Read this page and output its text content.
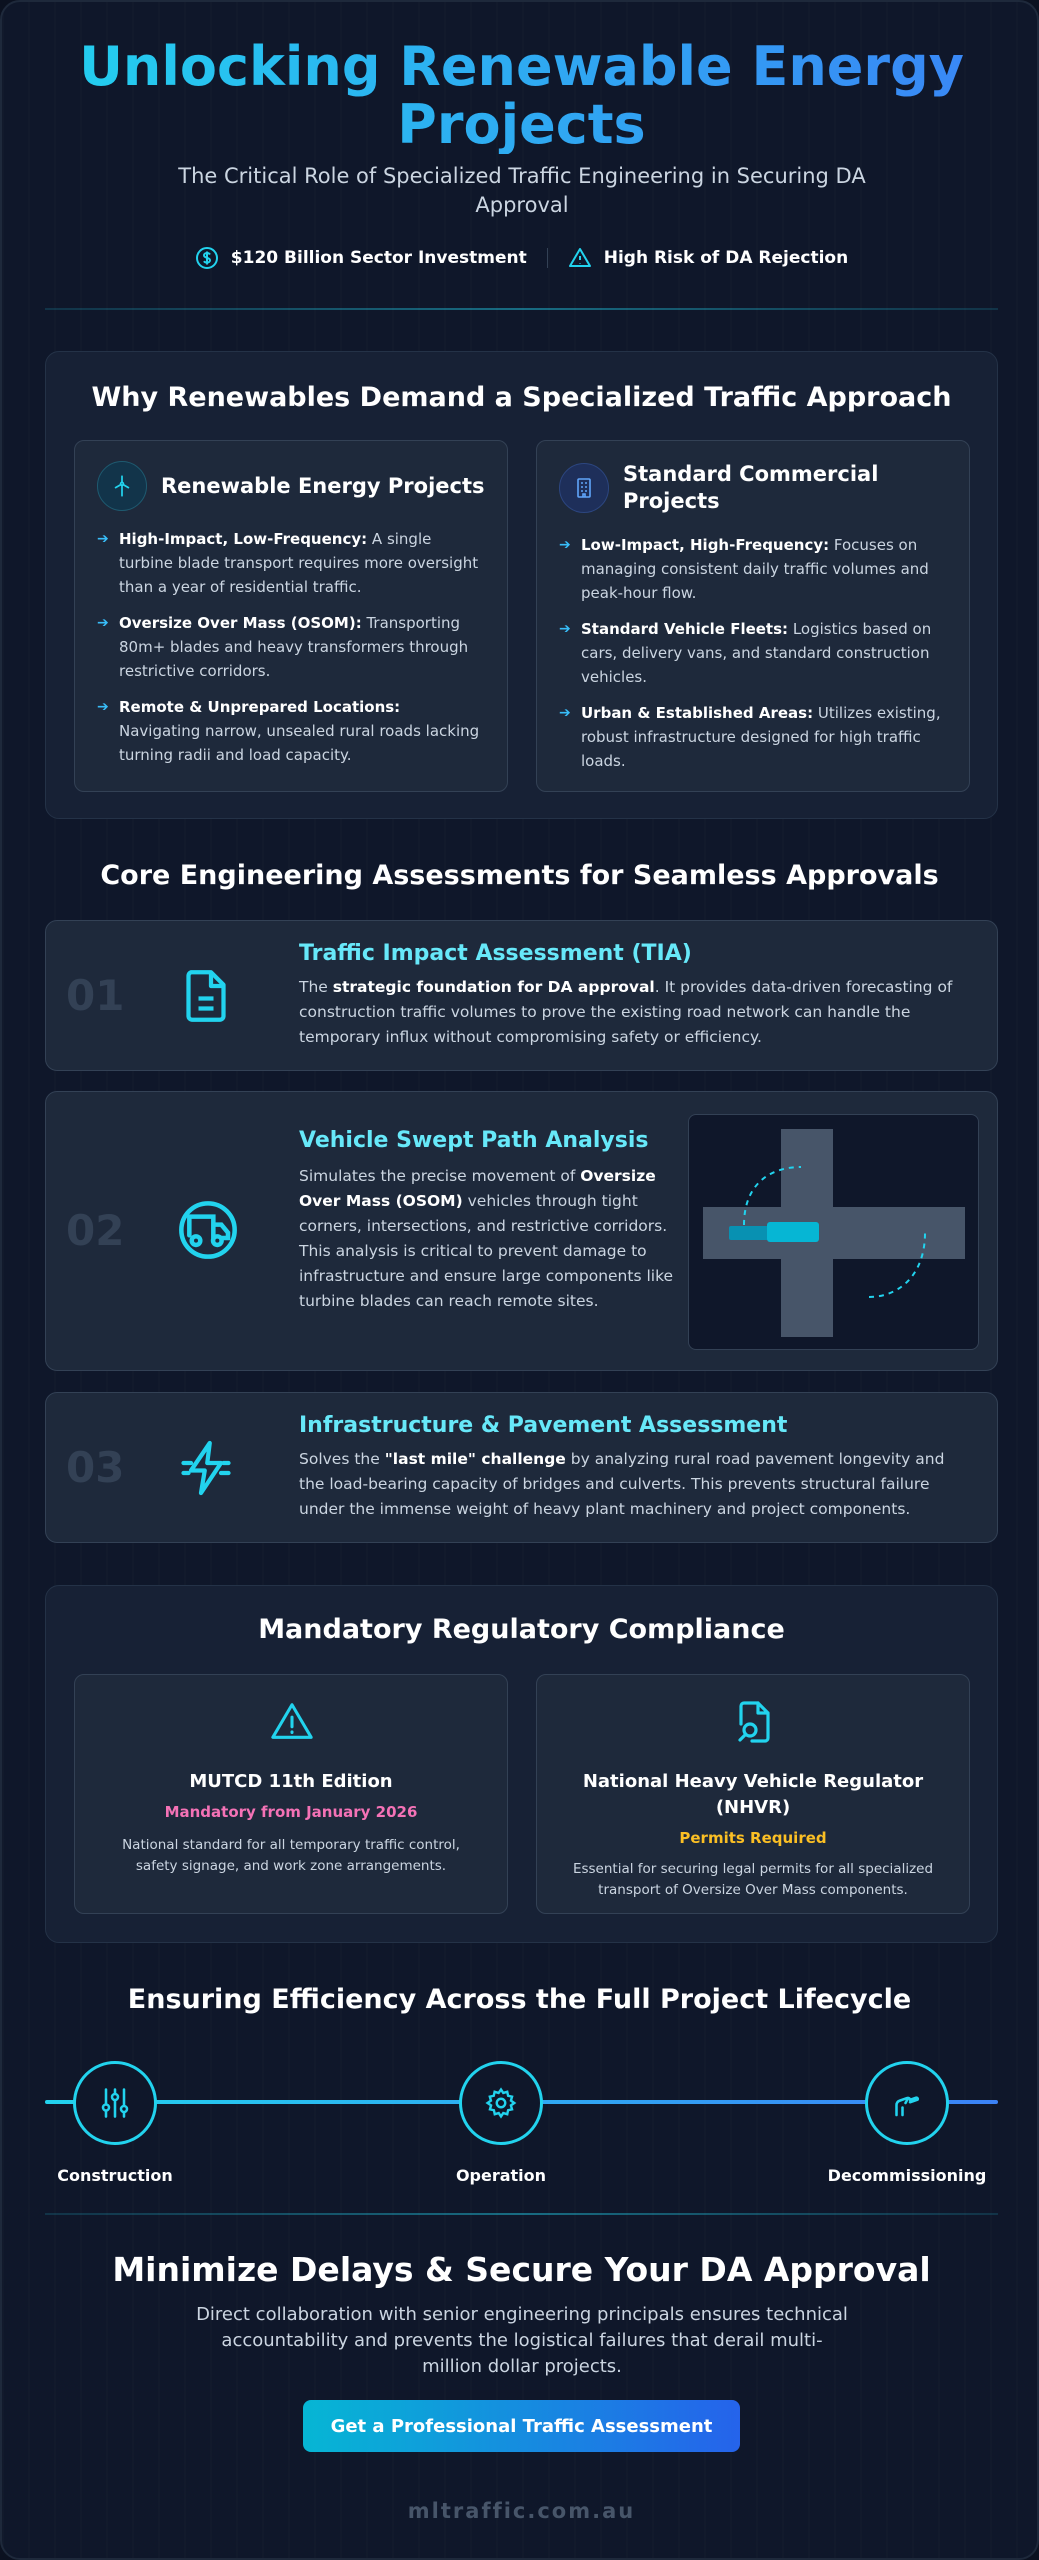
Unlocking Renewable Energy
Projects

The Critical Role of Specialized Traffic Engineering in Securing DA Approval

$120 Billion Sector Investment	High Risk of DA Rejection
Why Renewables Demand a Specialized Traffic Approach
Renewable Energy Projects
➔ High-Impact, Low-Frequency: A single turbine blade transport requires more oversight than a year of residential traffic.
➔ Oversize Over Mass (OSOM): Transporting 80m+ blades and heavy transformers through restrictive corridors.
➔ Remote & Unprepared Locations: Navigating narrow, unsealed rural roads lacking turning radii and load capacity.
Standard Commercial
Projects
➔ Low-Impact, High-Frequency: Focuses on managing consistent daily traffic volumes and peak-hour flow.
➔ Standard Vehicle Fleets: Logistics based on cars, delivery vans, and standard construction vehicles.
➔ Urban & Established Areas: Utilizes existing, robust infrastructure designed for high traffic loads.
Core Engineering Assessments for Seamless Approvals
01
Traffic Impact Assessment (TIA)

The strategic foundation for DA approval. It provides data-driven forecasting of construction traffic volumes to prove the existing road network can handle the temporary influx without compromising safety or efficiency.

02
Vehicle Swept Path Analysis

Simulates the precise movement of Oversize Over Mass (OSOM) vehicles through tight corners, intersections, and restrictive corridors. This analysis is critical to prevent damage to infrastructure and ensure large components like turbine blades can reach remote sites.

03
Infrastructure & Pavement Assessment

Solves the "last mile" challenge by analyzing rural road pavement longevity and the load-bearing capacity of bridges and culverts. This prevents structural failure under the immense weight of heavy plant machinery and project components.

Mandatory Regulatory Compliance
MUTCD 11th Edition
Mandatory from January 2026

National standard for all temporary traffic control, safety signage, and work zone arrangements.

National Heavy Vehicle Regulator
(NHVR)
Permits Required

Essential for securing legal permits for all specialized transport of Oversize Over Mass components.

Ensuring Efficiency Across the Full Project Lifecycle
Construction	Operation	Decommissioning
Minimize Delays & Secure Your DA Approval

Direct collaboration with senior engineering principals ensures technical accountability and prevents the logistical failures that derail multi-million dollar projects.

Get a Professional Traffic Assessment
mltraffic.com.au
